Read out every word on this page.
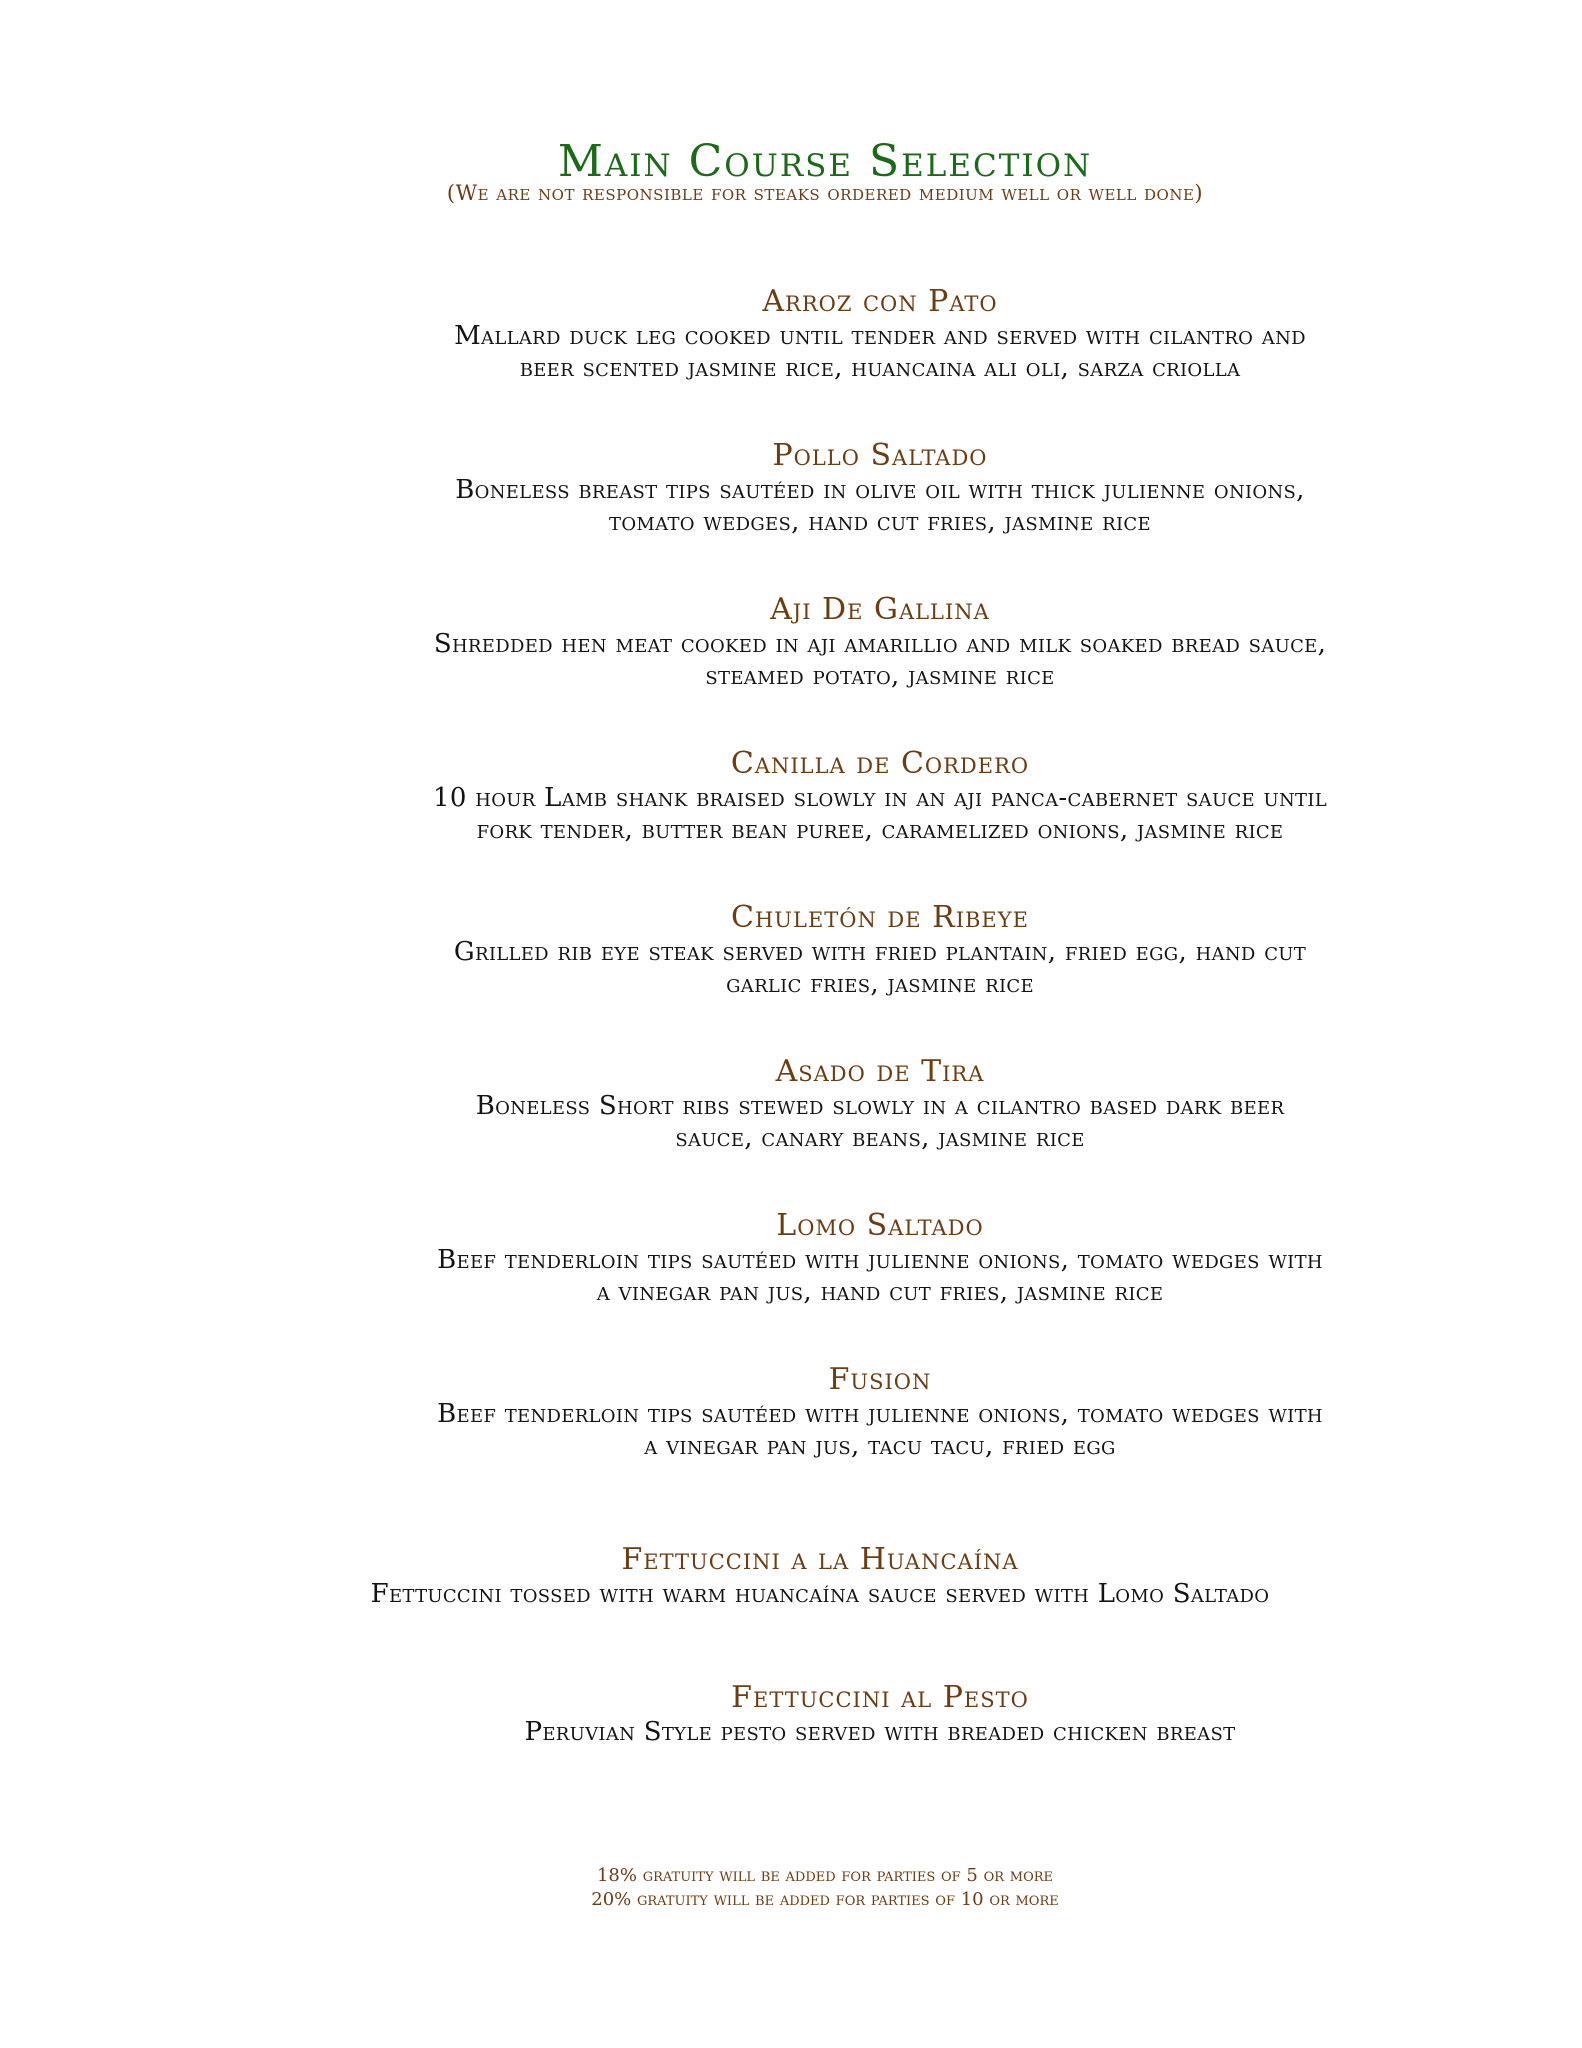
Main Course Selection
(We are not responsible for steaks ordered medium well or well done)
Arroz con Pato
Mallard duck leg cooked until tender and served with cilantro and
beer scented jasmine rice, huancaina ali oli, sarza criolla
Pollo Saltado
Boneless breast tips sautéed in olive oil with thick julienne onions,
tomato wedges, hand cut fries, jasmine rice
Aji De Gallina
Shredded hen meat cooked in aji amarillio and milk soaked bread sauce,
steamed potato, jasmine rice
Canilla de Cordero
10 hour Lamb shank braised slowly in an aji panca-cabernet sauce until
fork tender, butter bean puree, caramelized onions, jasmine rice
Chuletón de Ribeye
Grilled rib eye steak served with fried plantain, fried egg, hand cut
garlic fries, jasmine rice
Asado de Tira
Boneless Short ribs stewed slowly in a cilantro based dark beer
sauce, canary beans, jasmine rice
Lomo Saltado
Beef tenderloin tips sautéed with julienne onions, tomato wedges with
a vinegar pan jus, hand cut fries, jasmine rice
Fusion
Beef tenderloin tips sautéed with julienne onions, tomato wedges with
a vinegar pan jus, tacu tacu, fried egg
Fettuccini a la Huancaína
Fettuccini tossed with warm huancaína sauce served with Lomo Saltado
Fettuccini al Pesto
Peruvian Style pesto served with breaded chicken breast
18% gratuity will be added for parties of 5 or more
20% gratuity will be added for parties of 10 or more
